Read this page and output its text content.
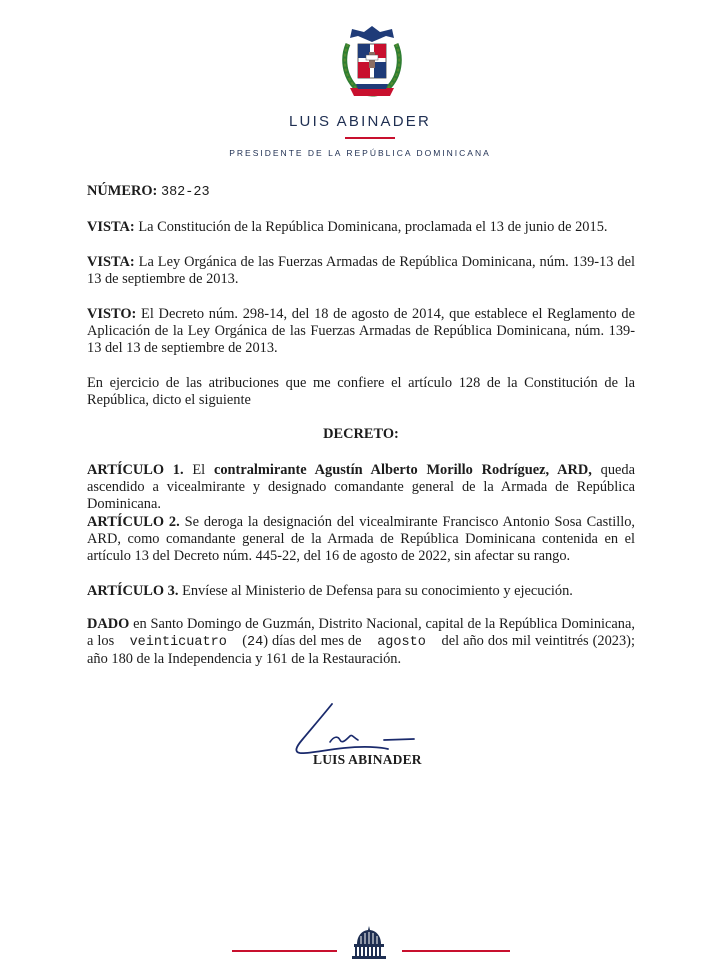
LUIS ABINADER
PRESIDENTE DE LA REPÚBLICA DOMINICANA
NÚMERO: 382-23
VISTA: La Constitución de la República Dominicana, proclamada el 13 de junio de 2015.
VISTA: La Ley Orgánica de las Fuerzas Armadas de República Dominicana, núm. 139-13 del 13 de septiembre de 2013.
VISTO: El Decreto núm. 298-14, del 18 de agosto de 2014, que establece el Reglamento de Aplicación de la Ley Orgánica de las Fuerzas Armadas de República Dominicana, núm. 139- 13 del 13 de septiembre de 2013.
En ejercicio de las atribuciones que me confiere el artículo 128 de la Constitución de la República, dicto el siguiente
DECRETO:
ARTÍCULO 1. El contralmirante Agustín Alberto Morillo Rodríguez, ARD, queda ascendido a vicealmirante y designado comandante general de la Armada de República Dominicana.
ARTÍCULO 2. Se deroga la designación del vicealmirante Francisco Antonio Sosa Castillo, ARD, como comandante general de la Armada de República Dominicana contenida en el artículo 13 del Decreto núm. 445-22, del 16 de agosto de 2022, sin afectar su rango.
ARTÍCULO 3. Envíese al Ministerio de Defensa para su conocimiento y ejecución.
DADO en Santo Domingo de Guzmán, Distrito Nacional, capital de la República Dominicana, a los veinticuatro (24) días del mes de agosto del año dos mil veintitrés (2023); año 180 de la Independencia y 161 de la Restauración.
LUIS ABINADER
